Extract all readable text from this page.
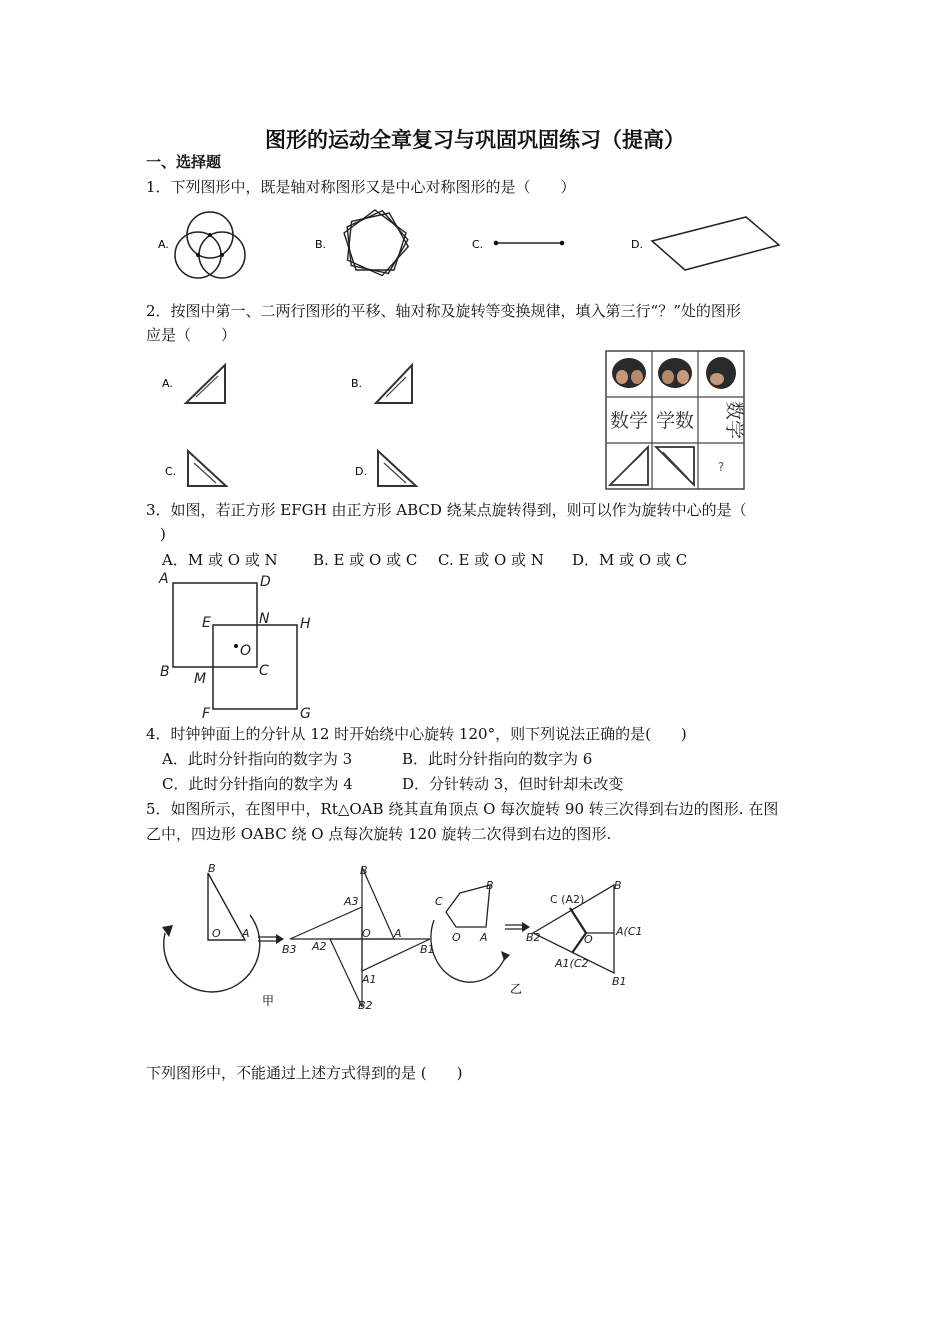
图形的运动全章复习与巩固巩固练习（提高）
一、选择题
1．下列图形中，既是轴对称图形又是中心对称图形的是（　　）
A.	B.	C.	D.
2．按图中第一、二两行图形的平移、轴对称及旋转等变换规律，填入第三行“？”处的图形
应是（　　）
A.	B.
C.	D.
数学 学数 数学
?
3．如图，若正方形 EFGH 由正方形 ABCD 绕某点旋转得到，则可以作为旋转中心的是（
)
A．M 或 O 或 N B. E 或 O 或 C C. E 或 O 或 N D．M 或 O 或 C
A	D
E	N H
O
B M	C
F	G
4．时钟钟面上的分针从 12 时开始绕中心旋转 120°，则下列说法正确的是(　　)
A．此时分针指向的数字为 3	B．此时分针指向的数字为 6
C．此时分针指向的数字为 4	D．分针转动 3，但时针却未改变
5．如图所示，在图甲中，Rt△OAB 绕其直角顶点 O 每次旋转 90 转三次得到右边的图形. 在图
乙中，四边形 OABC 绕 O 点每次旋转 120 旋转二次得到右边的图形.
B
O A
B
A3
B3 A2
O A
B1
A1
B2
B
C
O A
C (A2)
B
B2	O
A(C1
A1(C2
B1
甲
乙
下列图形中，不能通过上述方式得到的是 (　　)
